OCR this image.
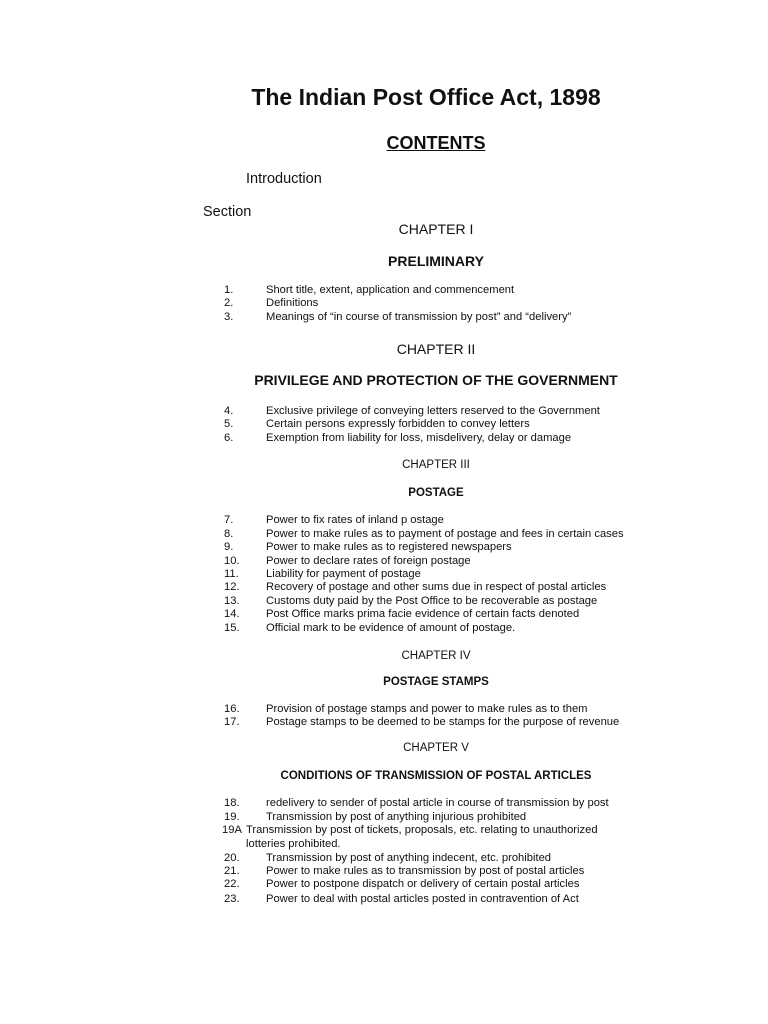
The Indian Post Office Act, 1898
CONTENTS
Introduction
Section
CHAPTER I
PRELIMINARY
1.	Short title, extent, application and commencement
2.	Definitions
3.	Meanings of “in course of transmission by post” and “delivery”
CHAPTER II
PRIVILEGE AND PROTECTION OF THE GOVERNMENT
4.	Exclusive privilege of conveying letters reserved to the Government
5.	Certain persons expressly forbidden to convey letters
6.	Exemption from liability for loss, misdelivery, delay or damage
CHAPTER III
POSTAGE
7.	Power to fix rates of inland p ostage
8.	Power to make rules as to payment of postage and fees in certain cases
9.	Power to make rules as to registered newspapers
10. Power to declare rates of foreign postage
11. Liability for payment of postage
12. Recovery of postage and other sums due in respect of postal articles
13. Customs duty paid by the Post Office to be recoverable as postage
14. Post Office marks prima facie evidence of certain facts denoted
15. Official mark to be evidence of amount of postage.
CHAPTER IV
POSTAGE STAMPS
16. Provision of postage stamps and power to make rules as to them
17. Postage stamps to be deemed to be stamps for the purpose of revenue
CHAPTER V
CONDITIONS OF TRANSMISSION OF POSTAL ARTICLES
18. redelivery to sender of postal article in course of transmission by post
19. Transmission by post of anything injurious prohibited
19A Transmission by post of tickets, proposals, etc. relating to unauthorized
lotteries prohibited.
20. Transmission by post of anything indecent, etc. prohibited
21. Power to make rules as to transmission by post of postal articles
22. Power to postpone dispatch or delivery of certain postal articles
23. Power to deal with postal articles posted in contravention of Act
